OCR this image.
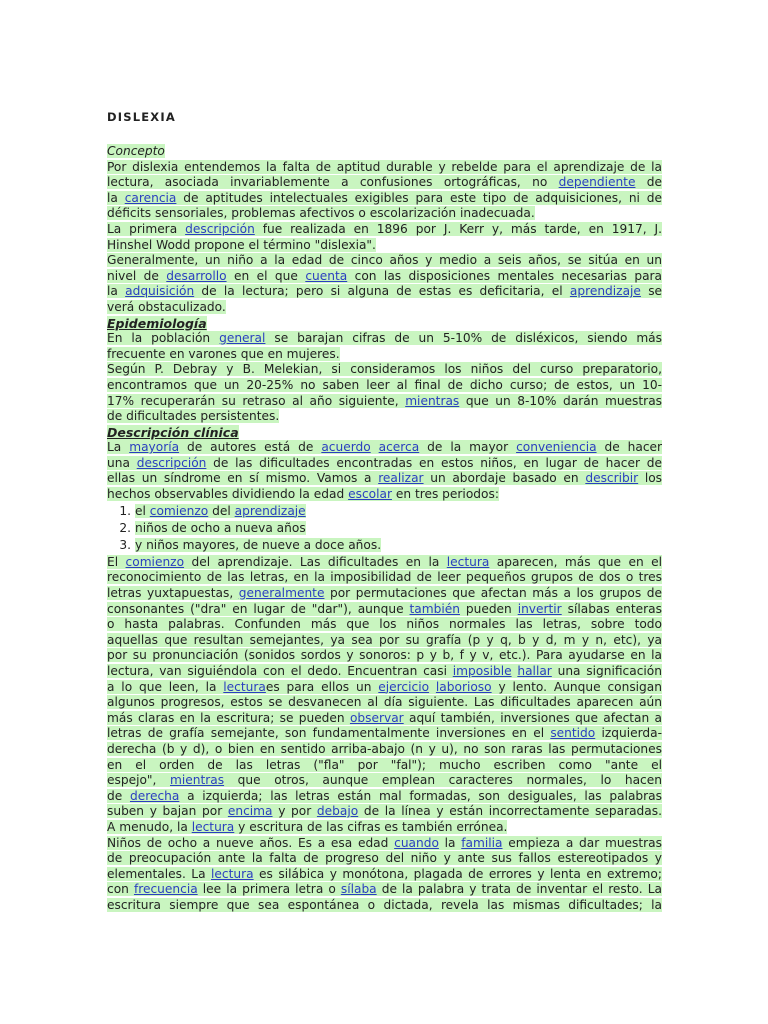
DISLEXIA
Concepto
Por dislexia entendemos la falta de aptitud durable y rebelde para el aprendizaje de la
lectura, asociada invariablemente a confusiones ortográficas, no dependiente de
la carencia de aptitudes intelectuales exigibles para este tipo de adquisiciones, ni de
déficits sensoriales, problemas afectivos o escolarización inadecuada.
La primera descripción fue realizada en 1896 por J. Kerr y, más tarde, en 1917, J.
Hinshel Wodd propone el término "dislexia".
Generalmente, un niño a la edad de cinco años y medio a seis años, se sitúa en un
nivel de desarrollo en el que cuenta con las disposiciones mentales necesarias para
la adquisición de la lectura; pero si alguna de estas es deficitaria, el aprendizaje se
verá obstaculizado.
Epidemiología
En la población general se barajan cifras de un 5-10% de disléxicos, siendo más
frecuente en varones que en mujeres.
Según P. Debray y B. Melekian, si consideramos los niños del curso preparatorio,
encontramos que un 20-25% no saben leer al final de dicho curso; de estos, un 10-
17% recuperarán su retraso al año siguiente, mientras que un 8-10% darán muestras
de dificultades persistentes.
Descripción clínica
La mayoría de autores está de acuerdo acerca de la mayor conveniencia de hacer
una descripción de las dificultades encontradas en estos niños, en lugar de hacer de
ellas un síndrome en sí mismo. Vamos a realizar un abordaje basado en describir los
hechos observables dividiendo la edad escolar en tres periodos:
1. el comienzo del aprendizaje
2. niños de ocho a nueva años
3. y niños mayores, de nueve a doce años.
El comienzo del aprendizaje. Las dificultades en la lectura aparecen, más que en el
reconocimiento de las letras, en la imposibilidad de leer pequeños grupos de dos o tres
letras yuxtapuestas, generalmente por permutaciones que afectan más a los grupos de
consonantes ("dra" en lugar de "dar"), aunque también pueden invertir sílabas enteras
o hasta palabras. Confunden más que los niños normales las letras, sobre todo
aquellas que resultan semejantes, ya sea por su grafía (p y q, b y d, m y n, etc), ya
por su pronunciación (sonidos sordos y sonoros: p y b, f y v, etc.). Para ayudarse en la
lectura, van siguiéndola con el dedo. Encuentran casi imposible hallar una significación
a lo que leen, la lecturaes para ellos un ejercicio laborioso y lento. Aunque consigan
algunos progresos, estos se desvanecen al día siguiente. Las dificultades aparecen aún
más claras en la escritura; se pueden observar aquí también, inversiones que afectan a
letras de grafía semejante, son fundamentalmente inversiones en el sentido izquierda-
derecha (b y d), o bien en sentido arriba-abajo (n y u), no son raras las permutaciones
en el orden de las letras ("fla" por "fal"); mucho escriben como "ante el
espejo", mientras que otros, aunque emplean caracteres normales, lo hacen
de derecha a izquierda; las letras están mal formadas, son desiguales, las palabras
suben y bajan por encima y por debajo de la línea y están incorrectamente separadas.
A menudo, la lectura y escritura de las cifras es también errónea.
Niños de ocho a nueve años. Es a esa edad cuando la familia empieza a dar muestras
de preocupación ante la falta de progreso del niño y ante sus fallos estereotipados y
elementales. La lectura es silábica y monótona, plagada de errores y lenta en extremo;
con frecuencia lee la primera letra o sílaba de la palabra y trata de inventar el resto. La
escritura siempre que sea espontánea o dictada, revela las mismas dificultades; la
